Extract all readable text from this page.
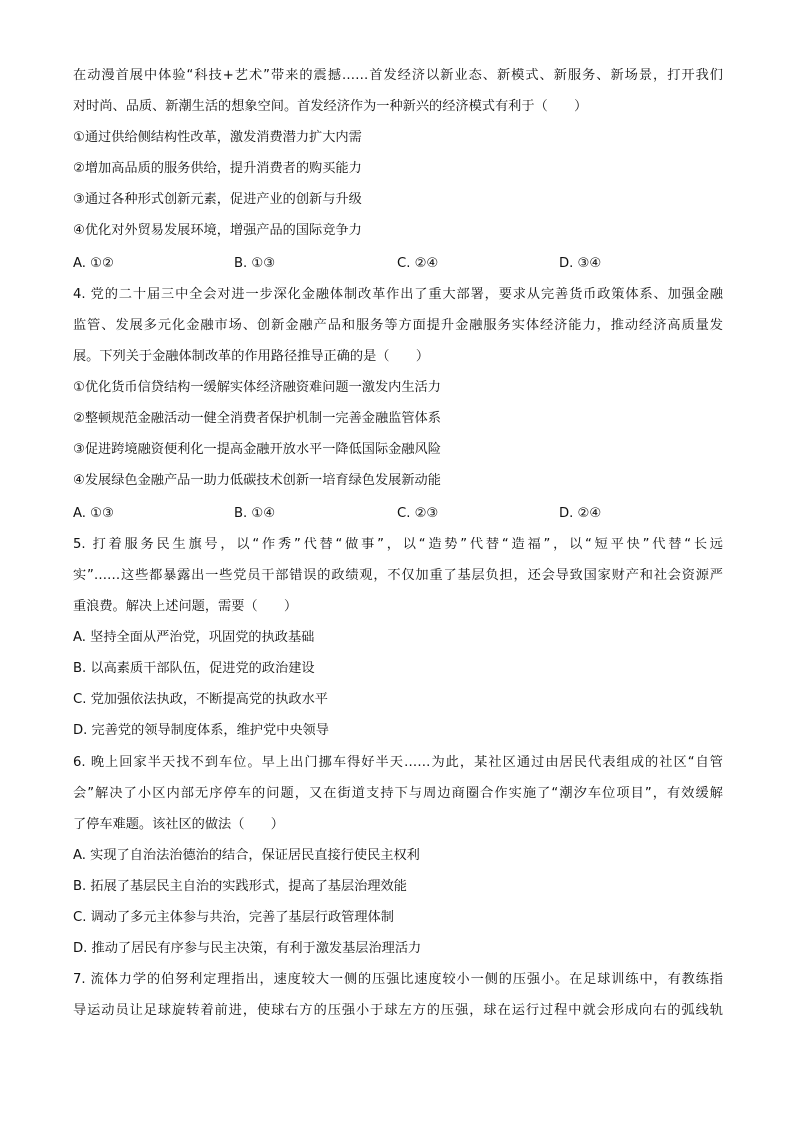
在动漫首展中体验“科技+艺术”带来的震撼……首发经济以新业态、新模式、新服务、新场景，打开我们
对时尚、品质、新潮生活的想象空间。首发经济作为一种新兴的经济模式有利于（　　）
①通过供给侧结构性改革，激发消费潜力扩大内需
②增加高品质的服务供给，提升消费者的购买能力
③通过各种形式创新元素，促进产业的创新与升级
④优化对外贸易发展环境，增强产品的国际竞争力
A. ①②	B. ①③	C. ②④	D. ③④
4. 党的二十届三中全会对进一步深化金融体制改革作出了重大部署，要求从完善货币政策体系、加强金融
监管、发展多元化金融市场、创新金融产品和服务等方面提升金融服务实体经济能力，推动经济高质量发
展。下列关于金融体制改革的作用路径推导正确的是（　　）
①优化货币信贷结构一缓解实体经济融资难问题一激发内生活力
②整顿规范金融活动一健全消费者保护机制一完善金融监管体系
③促进跨境融资便利化一提高金融开放水平一降低国际金融风险
④发展绿色金融产品一助力低碳技术创新一培育绿色发展新动能
A. ①③	B. ①④	C. ②③	D. ②④
5. 打着服务民生旗号，以“作秀”代替“做事”，以“造势”代替“造福”，以“短平快”代替“长远
实”……这些都暴露出一些党员干部错误的政绩观，不仅加重了基层负担，还会导致国家财产和社会资源严
重浪费。解决上述问题，需要（　　）
A. 坚持全面从严治党，巩固党的执政基础
B. 以高素质干部队伍，促进党的政治建设
C. 党加强依法执政，不断提高党的执政水平
D. 完善党的领导制度体系，维护党中央领导
6. 晚上回家半天找不到车位。早上出门挪车得好半天……为此，某社区通过由居民代表组成的社区“自管
会”解决了小区内部无序停车的问题，又在街道支持下与周边商圈合作实施了“潮汐车位项目”，有效缓解
了停车难题。该社区的做法（　　）
A. 实现了自治法治德治的结合，保证居民直接行使民主权利
B. 拓展了基层民主自治的实践形式，提高了基层治理效能
C. 调动了多元主体参与共治，完善了基层行政管理体制
D. 推动了居民有序参与民主决策，有利于激发基层治理活力
7. 流体力学的伯努利定理指出，速度较大一侧的压强比速度较小一侧的压强小。在足球训练中，有教练指
导运动员让足球旋转着前进，使球右方的压强小于球左方的压强，球在运行过程中就会形成向右的弧线轨
